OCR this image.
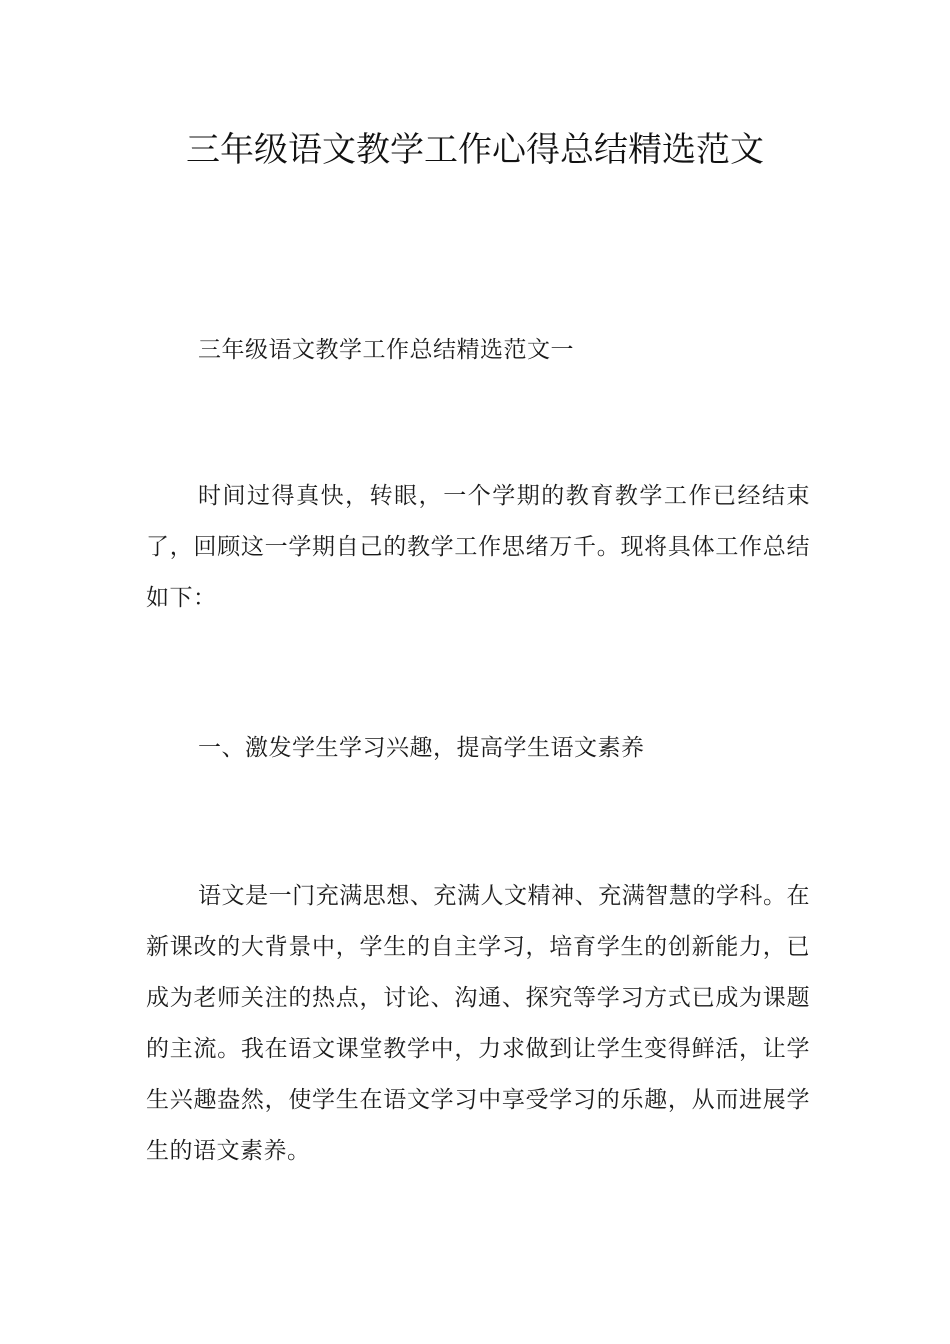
三年级语文教学工作心得总结精选范文

三年级语文教学工作总结精选范文一

时间过得真快，转眼，一个学期的教育教学工作已经结束了，回顾这一学期自己的教学工作思绪万千。现将具体工作总结如下：

一、激发学生学习兴趣，提高学生语文素养

语文是一门充满思想、充满人文精神、充满智慧的学科。在新课改的大背景中，学生的自主学习，培育学生的创新能力，已成为老师关注的热点，讨论、沟通、探究等学习方式已成为课题的主流。我在语文课堂教学中，力求做到让学生变得鲜活，让学生兴趣盎然，使学生在语文学习中享受学习的乐趣，从而进展学生的语文素养。
